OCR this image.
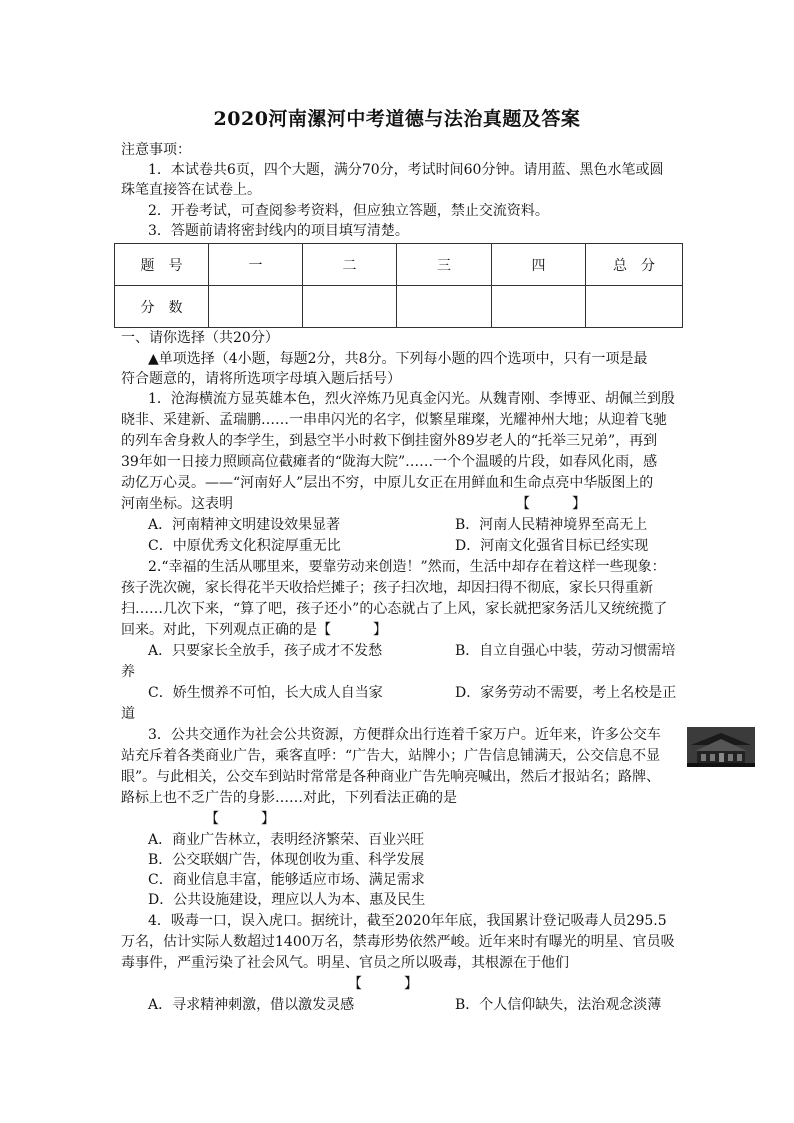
2020河南漯河中考道德与法治真题及答案
注意事项：
1．本试卷共6页，四个大题，满分70分，考试时间60分钟。请用蓝、黑色水笔或圆
珠笔直接答在试卷上。
2．开卷考试，可查阅参考资料，但应独立答题，禁止交流资料。
3．答题前请将密封线内的项目填写清楚。
题　号	一	二	三	四	总　分
分　数					
一、请你选择（共20分）
▲单项选择（4小题，每题2分，共8分。下列每小题的四个选项中，只有一项是最
符合题意的，请将所选项字母填入题后括号）
1．沧海横流方显英雄本色，烈火淬炼乃见真金闪光。从魏青刚、李博亚、胡佩兰到殷
晓非、采建新、孟瑞鹏……一串串闪光的名字，似繁星璀璨，光耀神州大地；从迎着飞驰
的列车舍身救人的李学生，到悬空半小时救下倒挂窗外89岁老人的“托举三兄弟”，再到
39年如一日接力照顾高位截瘫者的“陇海大院”……一个个温暖的片段，如春风化雨，感
动亿万心灵。——“河南好人”层出不穷，中原儿女正在用鲜血和生命点亮中华版图上的
河南坐标。这表明	【　　　】
A．河南精神文明建设效果显著	B．河南人民精神境界至高无上
C．中原优秀文化积淀厚重无比	D．河南文化强省目标已经实现
2.“幸福的生活从哪里来，要靠劳动来创造！”然而，生活中却存在着这样一些现象：
孩子洗次碗，家长得花半天收拾烂摊子；孩子扫次地，却因扫得不彻底，家长只得重新
扫……几次下来，“算了吧，孩子还小”的心态就占了上风，家长就把家务活儿又统统揽了
回来。对此，下列观点正确的是【　　　】
A．只要家长全放手，孩子成才不发愁	B．自立自强心中装，劳动习惯需培
养
C．娇生惯养不可怕，长大成人自当家	D．家务劳动不需要，考上名校是正
道
3．公共交通作为社会公共资源，方便群众出行连着千家万户。近年来，许多公交车
站充斥着各类商业广告，乘客直呼：“广告大，站牌小；广告信息铺满天，公交信息不显
眼”。与此相关，公交车到站时常常是各种商业广告先响亮喊出，然后才报站名；路牌、
路标上也不乏广告的身影……对此，下列看法正确的是
【　　　】
A．商业广告林立，表明经济繁荣、百业兴旺
B．公交联姻广告，体现创收为重、科学发展
C．商业信息丰富，能够适应市场、满足需求
D．公共设施建设，理应以人为本、惠及民生
4．吸毒一口，误入虎口。据统计，截至2020年年底，我国累计登记吸毒人员295.5
万名，估计实际人数超过1400万名，禁毒形势依然严峻。近年来时有曝光的明星、官员吸
毒事件，严重污染了社会风气。明星、官员之所以吸毒，其根源在于他们
【　　　】
A．寻求精神刺激，借以激发灵感	B．个人信仰缺失，法治观念淡薄
